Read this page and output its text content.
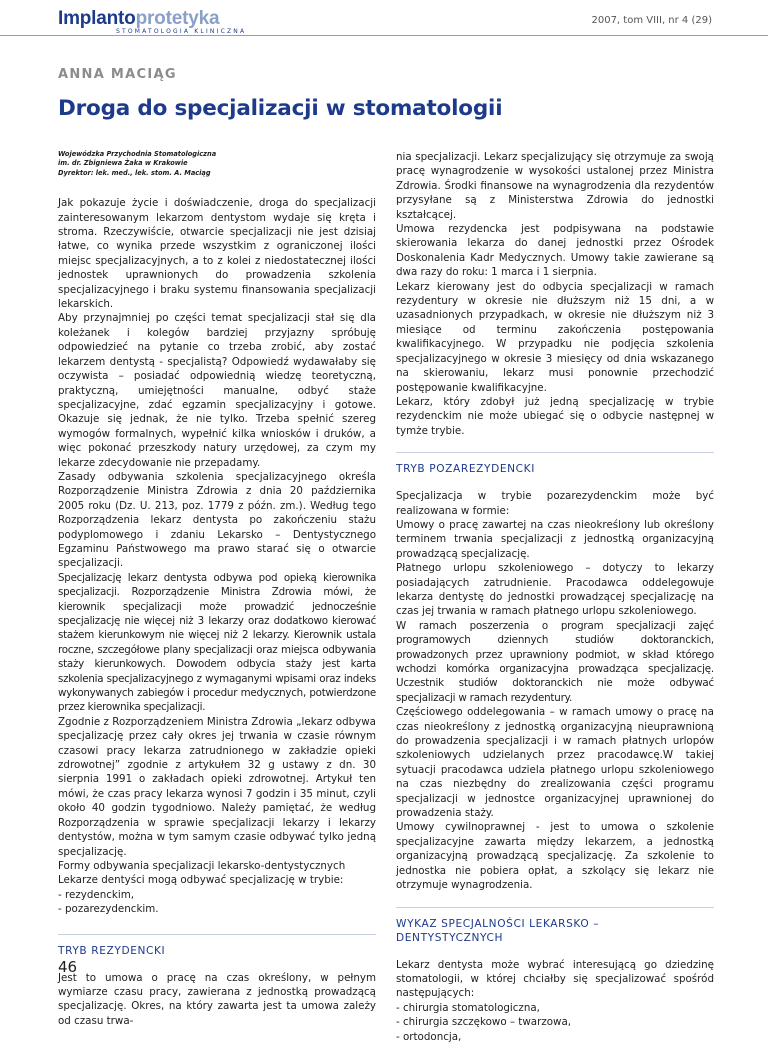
Implantoprotetyka
STOMATOLOGIA KLINICZNA
2007, tom VIII, nr 4 (29)
ANNA MACIĄG
Droga do specjalizacji w stomatologii

Wojewódzka Przychodnia Stomatologiczna

im. dr. Zbigniewa Żaka w Krakowie

Dyrektor: lek. med., lek. stom. A. Maciąg

Jak pokazuje życie i doświadczenie, droga do specjalizacji zainteresowanym lekarzom dentystom wydaje się kręta i stroma. Rzeczywiście, otwarcie specjalizacji nie jest dzisiaj łatwe, co wynika przede wszystkim z ograniczonej ilości miejsc specjalizacyjnych, a to z kolei z niedostatecznej ilości jednostek uprawnionych do prowadzenia szkolenia specjalizacyjnego i braku systemu finansowania specjalizacji lekarskich.

Aby przynajmniej po części temat specjalizacji stał się dla koleżanek i kolegów bardziej przyjazny spróbuję odpowiedzieć na pytanie co trzeba zrobić, aby zostać lekarzem dentystą - specjalistą? Odpowiedź wydawałaby się oczywista – posiadać odpowiednią wiedzę teoretyczną, praktyczną, umiejętności manualne, odbyć staże specjalizacyjne, zdać egzamin specjalizacyjny i gotowe. Okazuje się jednak, że nie tylko. Trzeba spełnić szereg wymogów formalnych, wypełnić kilka wniosków i druków, a więc pokonać przeszkody natury urzędowej, za czym my lekarze zdecydowanie nie przepadamy.

Zasady odbywania szkolenia specjalizacyjnego określa Rozporządzenie Ministra Zdrowia z dnia 20 października 2005 roku (Dz. U. 213, poz. 1779 z późn. zm.). Według tego Rozporządzenia lekarz dentysta po zakończeniu stażu podyplomowego i zdaniu Lekarsko – Dentystycznego Egzaminu Państwowego ma prawo starać się o otwarcie specjalizacji.

Specjalizację lekarz dentysta odbywa pod opieką kierownika specjalizacji. Rozporządzenie Ministra Zdrowia mówi, że kierownik specjalizacji może prowadzić jednocześnie specjalizację nie więcej niż 3 lekarzy oraz dodatkowo kierować stażem kierunkowym nie więcej niż 2 lekarzy. Kierownik ustala roczne, szczegółowe plany specjalizacji oraz miejsca odbywania staży kierunkowych. Dowodem odbycia staży jest karta szkolenia specjalizacyjnego z wymaganymi wpisami oraz indeks wykonywanych zabiegów i procedur medycznych, potwierdzone przez kierownika specjalizacji.

Zgodnie z Rozporządzeniem Ministra Zdrowia „lekarz odbywa specjalizację przez cały okres jej trwania w czasie równym czasowi pracy lekarza zatrudnionego w zakładzie opieki zdrowotnej” zgodnie z artykułem 32 g ustawy z dn. 30 sierpnia 1991 o zakładach opieki zdrowotnej. Artykuł ten mówi, że czas pracy lekarza wynosi 7 godzin i 35 minut, czyli około 40 godzin tygodniowo. Należy pamiętać, że według Rozporządzenia w sprawie specjalizacji lekarzy i lekarzy dentystów, można w tym samym czasie odbywać tylko jedną specjalizację.

Formy odbywania specjalizacji lekarsko-dentystycznych

Lekarze dentyści mogą odbywać specjalizację w trybie:

- rezydenckim,
- pozarezydenckim.

TRYB REZYDENCKI

Jest to umowa o pracę na czas określony, w pełnym wymiarze czasu pracy, zawierana z jednostką prowadzącą specjalizację. Okres, na który zawarta jest ta umowa zależy od czasu trwa-

nia specjalizacji. Lekarz specjalizujący się otrzymuje za swoją pracę wynagrodzenie w wysokości ustalonej przez Ministra Zdrowia. Środki finansowe na wynagrodzenia dla rezydentów przysyłane są z Ministerstwa Zdrowia do jednostki kształcącej.

Umowa rezydencka jest podpisywana na podstawie skierowania lekarza do danej jednostki przez Ośrodek Doskonalenia Kadr Medycznych. Umowy takie zawierane są dwa razy do roku: 1 marca i 1 sierpnia.

Lekarz kierowany jest do odbycia specjalizacji w ramach rezydentury w okresie nie dłuższym niż 15 dni, a w uzasadnionych przypadkach, w okresie nie dłuższym niż 3 miesiące od terminu zakończenia postępowania kwalifikacyjnego. W przypadku nie podjęcia szkolenia specjalizacyjnego w okresie 3 miesięcy od dnia wskazanego na skierowaniu, lekarz musi ponownie przechodzić postępowanie kwalifikacyjne.

Lekarz, który zdobył już jedną specjalizację w trybie rezydenckim nie może ubiegać się o odbycie następnej w tymże trybie.

TRYB POZAREZYDENCKI

Specjalizacja w trybie pozarezydenckim może być realizowana w formie:

Umowy o pracę zawartej na czas nieokreślony lub określony terminem trwania specjalizacji z jednostką organizacyjną prowadzącą specjalizację.

Płatnego urlopu szkoleniowego – dotyczy to lekarzy posiadających zatrudnienie. Pracodawca oddelegowuje lekarza dentystę do jednostki prowadzącej specjalizację na czas jej trwania w ramach płatnego urlopu szkoleniowego.

W ramach poszerzenia o program specjalizacji zajęć programowych dziennych studiów doktoranckich, prowadzonych przez uprawniony podmiot, w skład którego wchodzi komórka organizacyjna prowadząca specjalizację. Uczestnik studiów doktoranckich nie może odbywać specjalizacji w ramach rezydentury.

Częściowego oddelegowania – w ramach umowy o pracę na czas nieokreślony z jednostką organizacyjną nieuprawnioną do prowadzenia specjalizacji i w ramach płatnych urlopów szkoleniowych udzielanych przez pracodawcę.W takiej sytuacji pracodawca udziela płatnego urlopu szkoleniowego na czas niezbędny do zrealizowania części programu specjalizacji w jednostce organizacyjnej uprawnionej do prowadzenia staży.

Umowy cywilnoprawnej - jest to umowa o szkolenie specjalizacyjne zawarta między lekarzem, a jednostką organizacyjną prowadzącą specjalizację. Za szkolenie to jednostka nie pobiera opłat, a szkolący się lekarz nie otrzymuje wynagrodzenia.

WYKAZ SPECJALNOŚCI LEKARSKO –

DENTYSTYCZNYCH

Lekarz dentysta może wybrać interesującą go dziedzinę stomatologii, w której chciałby się specjalizować spośród następujących:

- chirurgia stomatologiczna,
- chirurgia szczękowo – twarzowa,
- ortodoncja,
46
